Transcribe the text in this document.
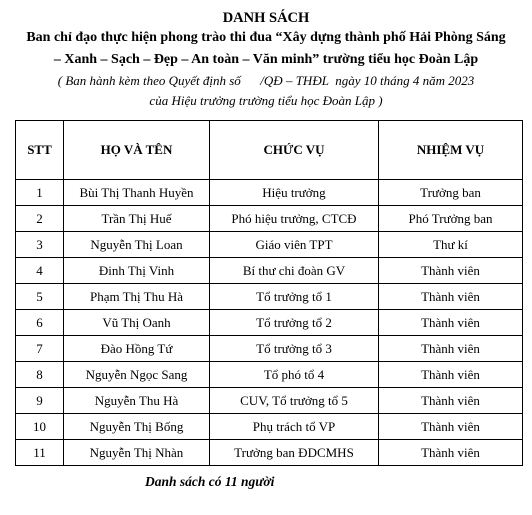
DANH SÁCH
Ban chỉ đạo thực hiện phong trào thi đua “Xây dựng thành phố Hải Phòng Sáng
– Xanh – Sạch – Đẹp – An toàn – Văn minh” trường tiểu học Đoàn Lập
( Ban hành kèm theo Quyết định số      /QĐ – THĐL  ngày 10 tháng 4 năm 2023
của Hiệu trưởng trường tiểu học Đoàn Lập )
STT	HỌ VÀ TÊN	CHỨC VỤ	NHIỆM VỤ
1	Bùi Thị Thanh Huyền	Hiệu trưởng	Trưởng ban
2	Trần Thị Huế	Phó hiệu trưởng, CTCĐ	Phó Trưởng ban
3	Nguyễn Thị Loan	Giáo viên TPT	Thư kí
4	Đinh Thị Vinh	Bí thư chi đoàn GV	Thành viên
5	Phạm Thị Thu Hà	Tổ trưởng tổ 1	Thành viên
6	Vũ Thị Oanh	Tổ trưởng tổ 2	Thành viên
7	Đào Hồng Tứ	Tổ trưởng tổ 3	Thành viên
8	Nguyễn Ngọc Sang	Tổ phó tổ 4	Thành viên
9	Nguyễn Thu Hà	CUV, Tổ trưởng tổ 5	Thành viên
10	Nguyễn Thị Bống	Phụ trách tổ VP	Thành viên
11	Nguyễn Thị Nhàn	Trưởng ban ĐDCMHS	Thành viên
Danh sách có 11 người
